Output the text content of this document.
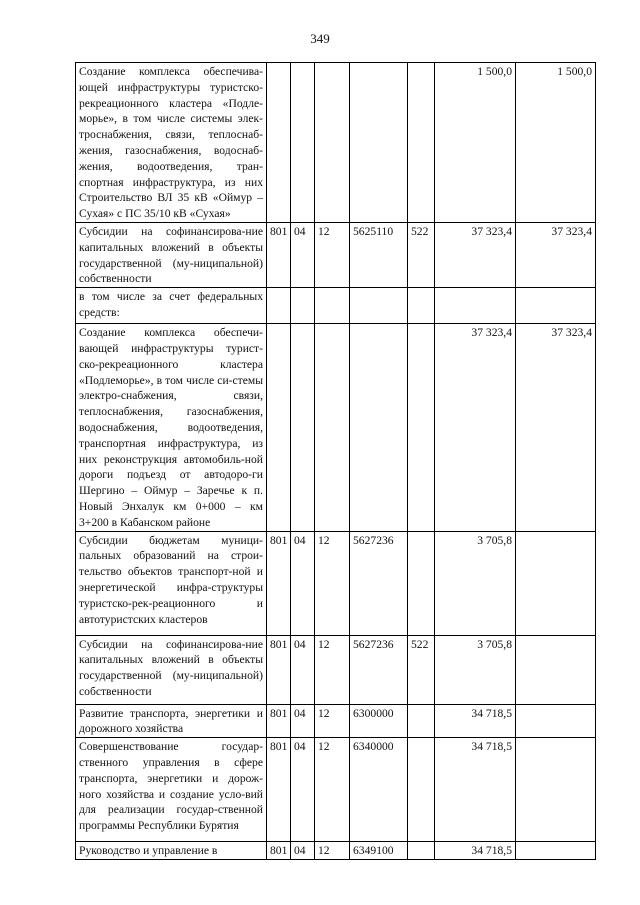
349
Создание комплекса обеспечива-ющей инфраструктуры туристско-рекреационного кластера «Подле-морье», в том числе системы элек-троснабжения, связи, теплоснаб-жения, газоснабжения, водоснаб-жения, водоотведения, тран-спортная инфраструктура, из них Строительство ВЛ 35 кВ «Оймур – Сухая» с ПС 35/10 кВ «Сухая»						1 500,0	1 500,0
Субсидии на софинансирова-ние капитальных вложений в объекты государственной (му-ниципальной) собственности	801	04	12	5625110	522	37 323,4	37 323,4
в том числе за счет федеральных средств:							
Создание комплекса обеспечи-вающей инфраструктуры турист-ско-рекреационного кластера «Подлеморье», в том числе си-стемы электро-снабжения, связи, теплоснабжения, газоснабжения, водоснабжения, водоотведения, транспортная инфраструктура, из них реконструкция автомобиль-ной дороги подъезд от автодоро-ги Шергино – Оймур – Заречье к п. Новый Энхалук км 0+000 – км 3+200 в Кабанском районе						37 323,4	37 323,4
Субсидии бюджетам муници-пальных образований на строи-тельство объектов транспорт-ной и энергетической инфра-структуры туристско-рек-реационного и автотуристских кластеров	801	04	12	5627236		3 705,8	
Субсидии на софинансирова-ние капитальных вложений в объекты государственной (му-ниципальной) собственности	801	04	12	5627236	522	3 705,8	
Развитие транспорта, энергетики и дорожного хозяйства	801	04	12	6300000		34 718,5	
Совершенствование государ-ственного управления в сфере транспорта, энергетики и дорож-ного хозяйства и создание усло-вий для реализации государ-ственной программы Республики Бурятия	801	04	12	6340000		34 718,5	
Руководство и управление в	801	04	12	6349100		34 718,5	
